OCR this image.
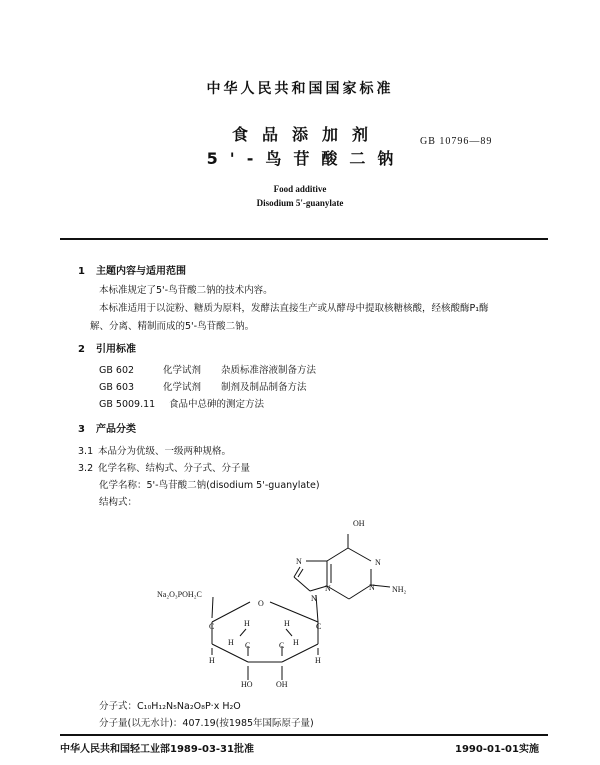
中华人民共和国国家标准
食品添加剂
5'-鸟苷酸二钠
GB 10796—89
Food additive
Disodium 5'-guanylate
1 主题内容与适用范围
本标准规定了5'-鸟苷酸二钠的技术内容。
本标准适用于以淀粉、糖质为原料，发酵法直接生产或从酵母中提取核糖核酸，经核酸酶P₁酶
解、分离、精制而成的5'-鸟苷酸二钠。
2 引用标准
GB 602	化学试剂 杂质标准溶液制备方法
GB 603	化学试剂 制剂及制品制备方法
GB 5009.11 食品中总砷的测定方法
3 产品分类
3.1 本品分为优级、一级两种规格。
3.2 化学名称、结构式、分子式、分子量
化学名称：5'-鸟苷酸二钠(disodium 5'-guanylate)
结构式：
OH
N
N
N
N	NH₂
N
Na₂O₃POH₂C
O
C	C
C	C
H	H
H	H
H	H
HO	OH
分子式：C₁₀H₁₂N₅Na₂O₈P·x H₂O
分子量(以无水计)：407.19(按1985年国际原子量)
中华人民共和国轻工业部1989-03-31批准	1990-01-01实施
